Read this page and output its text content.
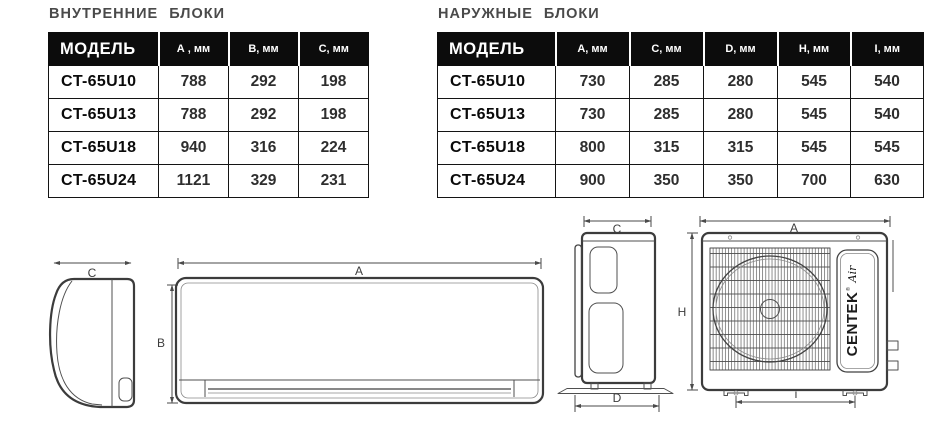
ВНУТРЕННИЕ БЛОКИ
МОДЕЛЬ	А , мм	В, мм	С, мм
CT-65U10	788	292	198
CT-65U13	788	292	198
CT-65U18	940	316	224
CT-65U24	1121	329	231
НАРУЖНЫЕ БЛОКИ
МОДЕЛЬ	А, мм	С, мм	D, мм	Н, мм	I, мм
CT-65U10	730	285	280	545	540
CT-65U13	730	285	280	545	540
CT-65U18	800	315	315	545	545
CT-65U24	900	350	350	700	630
C	A
B
C
D
A
H	CENTEK
®
Air
i
